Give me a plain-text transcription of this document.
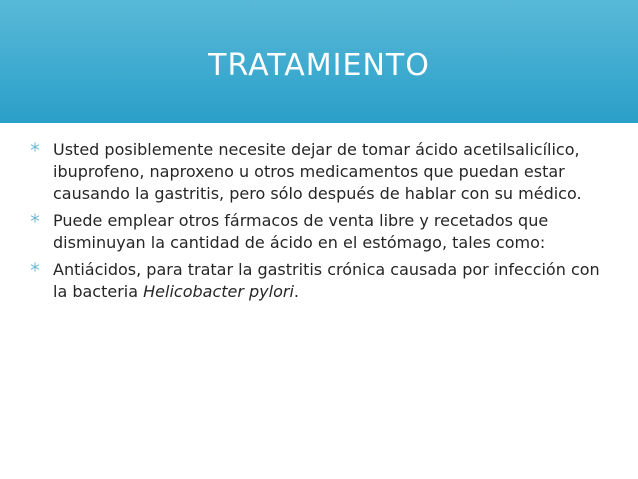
TRATAMIENTO
Usted posiblemente necesite dejar de tomar ácido acetilsalicílico, ibuprofeno, naproxeno u otros medicamentos que puedan estar causando la gastritis, pero sólo después de hablar con su médico.
Puede emplear otros fármacos de venta libre y recetados que disminuyan la cantidad de ácido en el estómago, tales como:
Antiácidos, para tratar la gastritis crónica causada por infección con la bacteria Helicobacter pylori.
